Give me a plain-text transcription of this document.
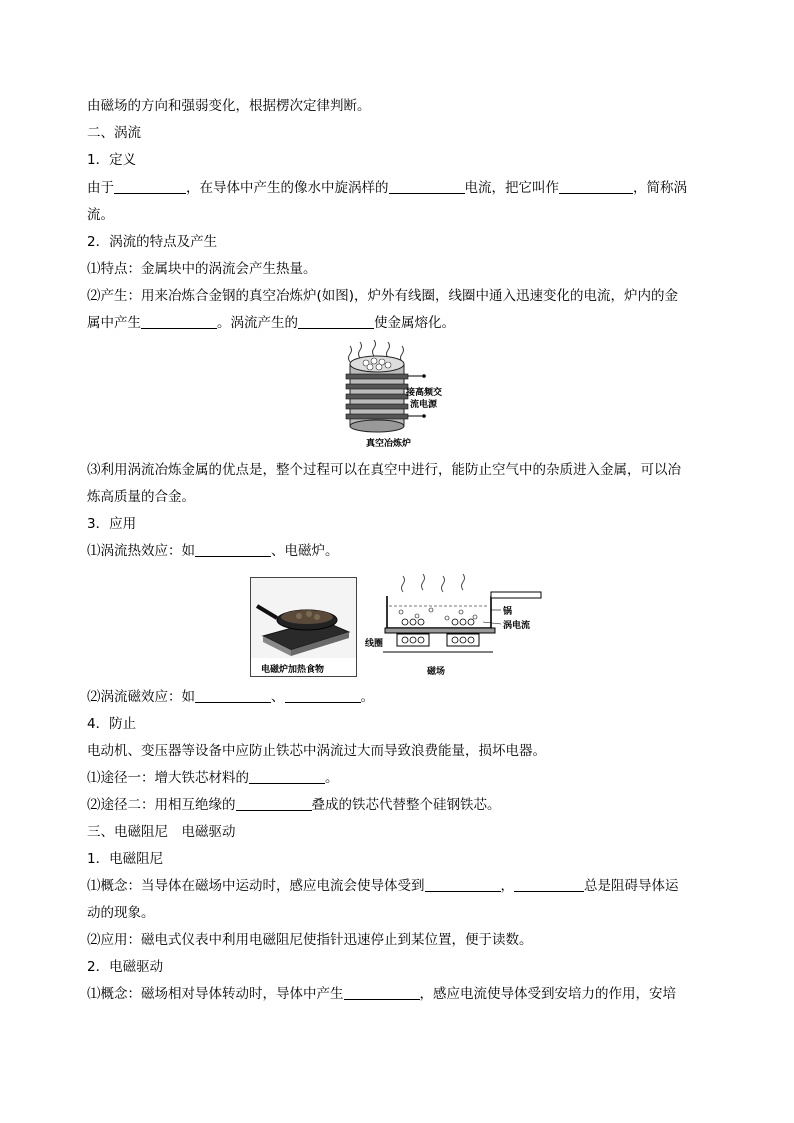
由磁场的方向和强弱变化，根据楞次定律判断。
二、涡流
1．定义
由于	，在导体中产生的像水中旋涡样的	电流，把它叫作	，简称涡
流。
2．涡流的特点及产生
⑴特点：金属块中的涡流会产生热量。
⑵产生：用来冶炼合金钢的真空冶炼炉(如图)，炉外有线圈，线圈中通入迅速变化的电流，炉内的金
属中产生	。涡流产生的	使金属熔化。
接高频交
流电源
真空冶炼炉
⑶利用涡流冶炼金属的优点是，整个过程可以在真空中进行，能防止空气中的杂质进入金属，可以冶
炼高质量的合金。
3．应用
⑴涡流热效应：如	、电磁炉。
电磁炉加热食物
锅
涡电流
线圈
磁场
⑵涡流磁效应：如	、	。
4．防止
电动机、变压器等设备中应防止铁芯中涡流过大而导致浪费能量，损坏电器。
⑴途径一：增大铁芯材料的	。
⑵途径二：用相互绝缘的	叠成的铁芯代替整个硅钢铁芯。
三、电磁阻尼　电磁驱动
1．电磁阻尼
⑴概念：当导体在磁场中运动时，感应电流会使导体受到	，	总是阻碍导体运
动的现象。
⑵应用：磁电式仪表中利用电磁阻尼使指针迅速停止到某位置，便于读数。
2．电磁驱动
⑴概念：磁场相对导体转动时，导体中产生	，感应电流使导体受到安培力的作用，安培
